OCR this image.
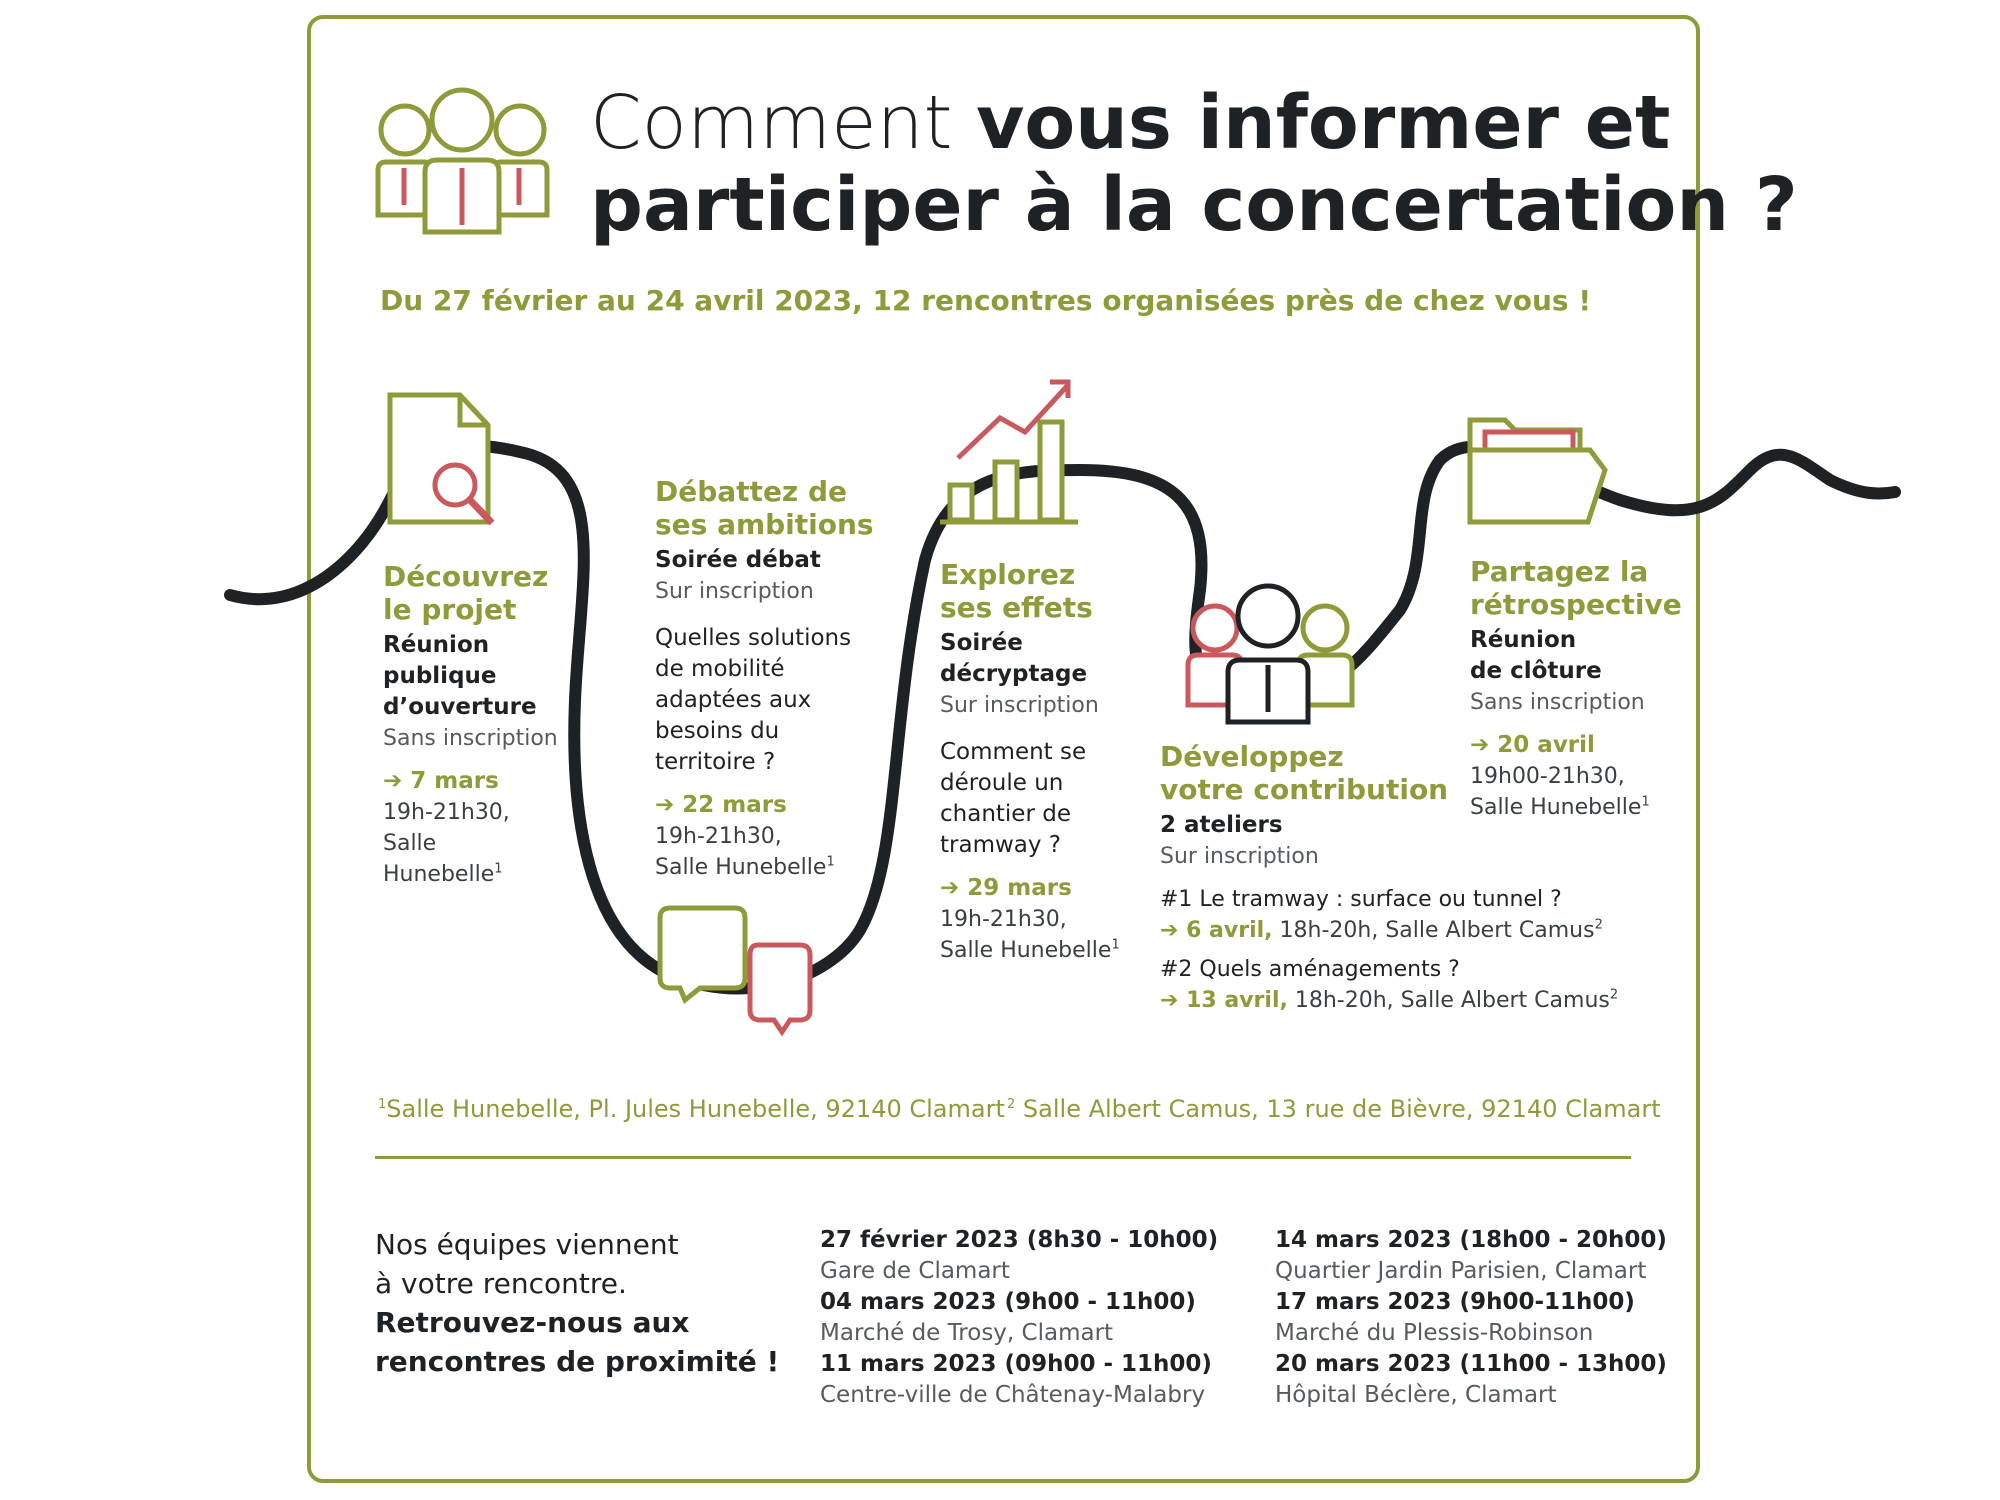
Comment vous informer et
participer à la concertation ?
Du 27 février au 24 avril 2023, 12 rencontres organisées près de chez vous !
Découvrez
le projet
Réunion
publique
d’ouverture
Sans inscription
➔ 7 mars
19h-21h30,
Salle
Hunebelle$^1$
Débattez de
ses ambitions
Soirée débat
Sur inscription
Quelles solutions
de mobilité
adaptées aux
besoins du
territoire ?
➔ 22 mars
19h-21h30,
Salle Hunebelle$^1$
Explorez
ses effets
Soirée
décryptage
Sur inscription
Comment se
déroule un
chantier de
tramway ?
➔ 29 mars
19h-21h30,
Salle Hunebelle$^1$
Développez
votre contribution
2 ateliers
Sur inscription
#1 Le tramway : surface ou tunnel ?
➔ 6 avril, 18h-20h, Salle Albert Camus$^2$
#2 Quels aménagements ?
➔ 13 avril, 18h-20h, Salle Albert Camus$^2$
Partagez la
rétrospective
Réunion
de clôture
Sans inscription
➔ 20 avril
19h00-21h30,
Salle Hunebelle$^1$
$^1$Salle Hunebelle, Pl. Jules Hunebelle, 92140 Clamart $^2$ Salle Albert Camus, 13 rue de Bièvre, 92140 Clamart
Nos équipes viennent
à votre rencontre.
Retrouvez-nous aux
rencontres de proximité !
27 février 2023 (8h30 - 10h00)
Gare de Clamart
04 mars 2023 (9h00 - 11h00)
Marché de Trosy, Clamart
11 mars 2023 (09h00 - 11h00)
Centre-ville de Châtenay-Malabry
14 mars 2023 (18h00 - 20h00)
Quartier Jardin Parisien, Clamart
17 mars 2023 (9h00-11h00)
Marché du Plessis-Robinson
20 mars 2023 (11h00 - 13h00)
Hôpital Béclère, Clamart
